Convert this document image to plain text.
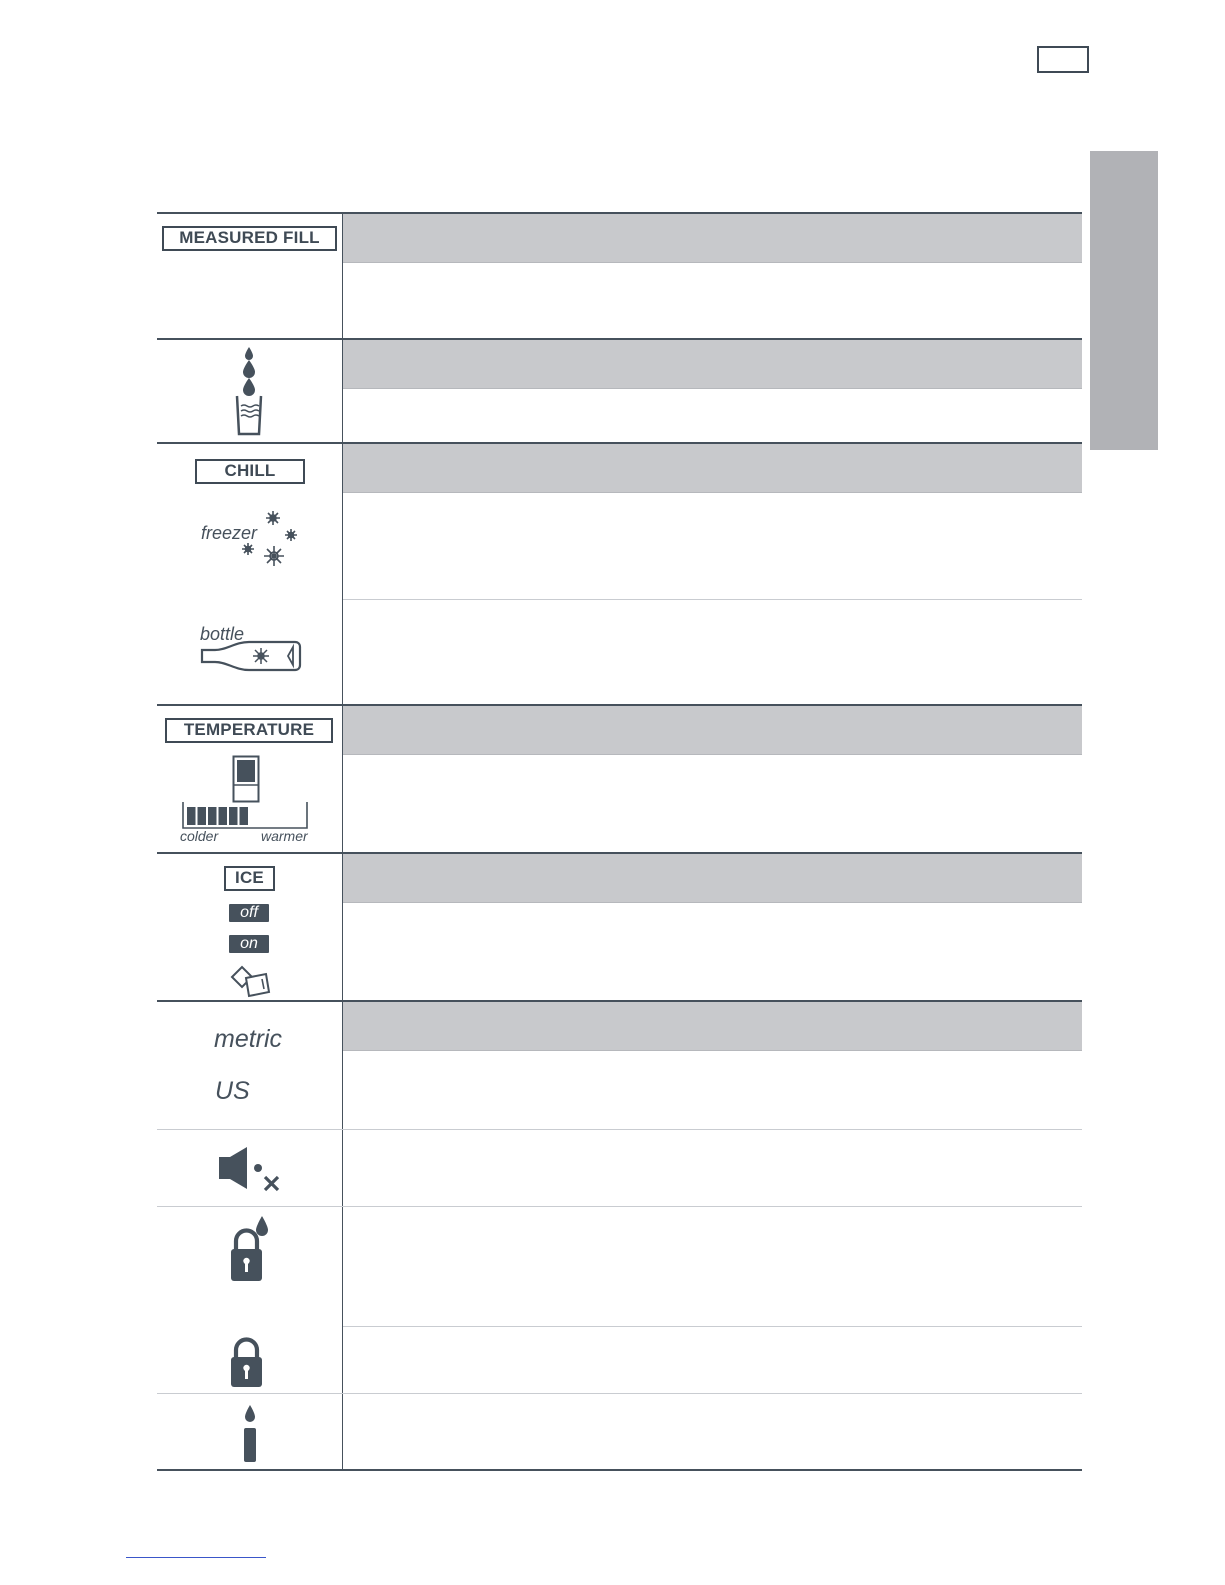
MEASURED FILL
CHILL
freezer
bottle
TEMPERATURE
colder	warmer
ICE
off
on
metric
US
